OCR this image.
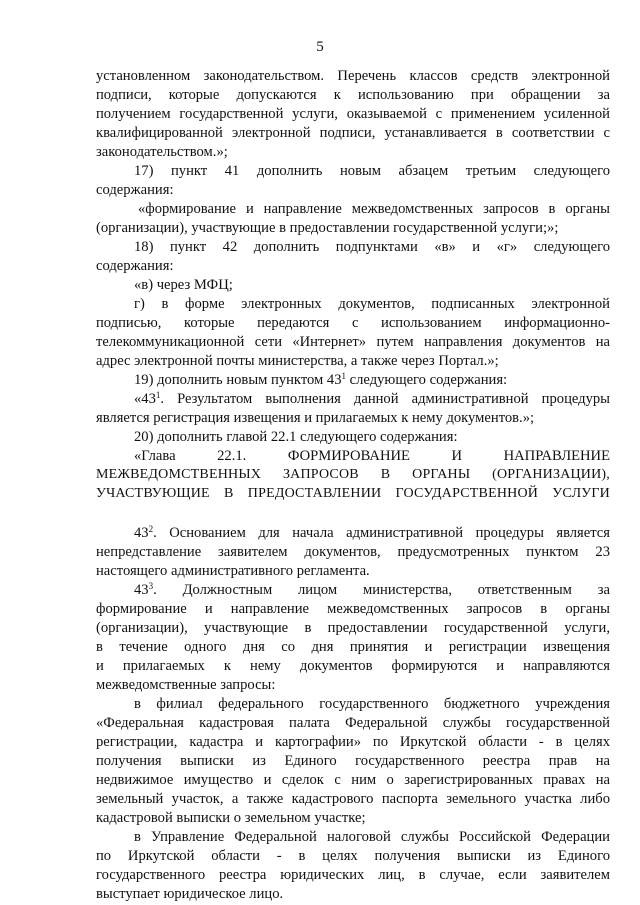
5
установленном законодательством. Перечень классов средств электронной
подписи, которые допускаются к использованию при обращении за
получением государственной услуги, оказываемой с применением усиленной
квалифицированной электронной подписи, устанавливается в соответствии с
законодательством.»;
17) пункт 41 дополнить новым абзацем третьим следующего
содержания:
«формирование и направление межведомственных запросов в органы
(организации), участвующие в предоставлении государственной услуги;»;
18) пункт 42 дополнить подпунктами «в» и «г» следующего
содержания:
«в) через МФЦ;
г) в форме электронных документов, подписанных электронной
подписью, которые передаются с использованием информационно-
телекоммуникационной сети «Интернет» путем направления документов на
адрес электронной почты министерства, а также через Портал.»;
19) дополнить новым пунктом $43^1$ следующего содержания:
«$43^1$. Результатом выполнения данной административной процедуры
является регистрация извещения и прилагаемых к нему документов.»;
20) дополнить главой 22.1 следующего содержания:
«Глава 22.1. ФОРМИРОВАНИЕ И НАПРАВЛЕНИЕ
МЕЖВЕДОМСТВЕННЫХ ЗАПРОСОВ В ОРГАНЫ (ОРГАНИЗАЦИИ),
УЧАСТВУЮЩИЕ В ПРЕДОСТАВЛЕНИИ ГОСУДАРСТВЕННОЙ УСЛУГИ
$43^2$. Основанием для начала административной процедуры является
непредставление заявителем документов, предусмотренных пунктом 23
настоящего административного регламента.
$43^3$. Должностным лицом министерства, ответственным за
формирование и направление межведомственных запросов в органы
(организации), участвующие в предоставлении государственной услуги,
в течение одного дня со дня принятия и регистрации извещения
и прилагаемых к нему документов формируются и направляются
межведомственные запросы:
в филиал федерального государственного бюджетного учреждения
«Федеральная кадастровая палата Федеральной службы государственной
регистрации, кадастра и картографии» по Иркутской области - в целях
получения выписки из Единого государственного реестра прав на
недвижимое имущество и сделок с ним о зарегистрированных правах на
земельный участок, а также кадастрового паспорта земельного участка либо
кадастровой выписки о земельном участке;
в Управление Федеральной налоговой службы Российской Федерации
по Иркутской области - в целях получения выписки из Единого
государственного реестра юридических лиц, в случае, если заявителем
выступает юридическое лицо.
